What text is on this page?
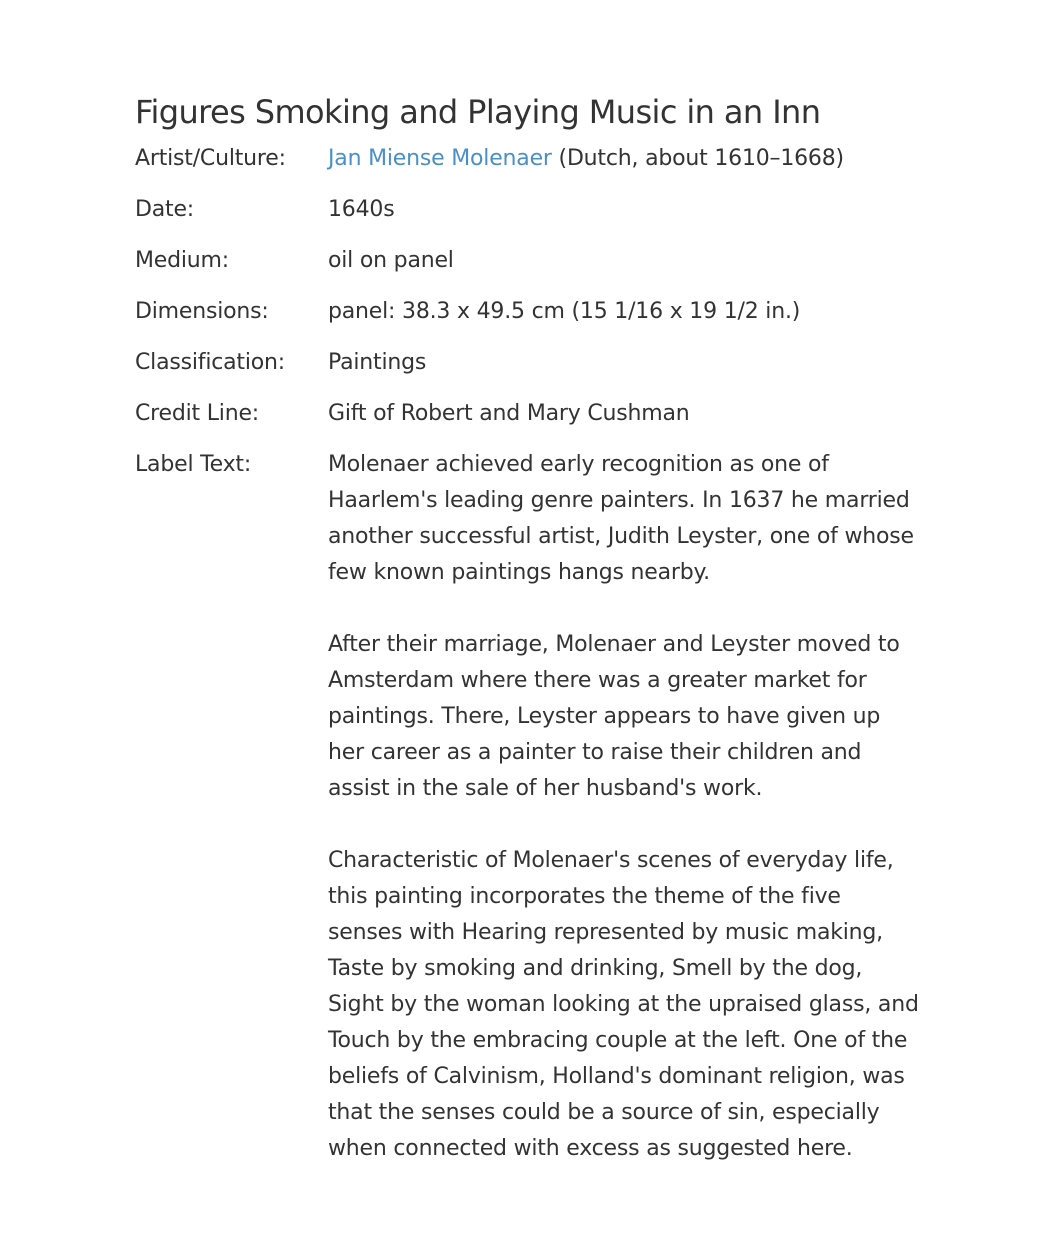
Figures Smoking and Playing Music in an Inn
Artist/Culture:	Jan Miense Molenaer (Dutch, about 1610–1668)
Date:	1640s
Medium:	oil on panel
Dimensions:	panel: 38.3 x 49.5 cm (15 1/16 x 19 1/2 in.)
Classification:	Paintings
Credit Line:	Gift of Robert and Mary Cushman
Label Text:	Molenaer achieved early recognition as one of
Haarlem's leading genre painters. In 1637 he married
another successful artist, Judith Leyster, one of whose
few known paintings hangs nearby.
After their marriage, Molenaer and Leyster moved to
Amsterdam where there was a greater market for
paintings. There, Leyster appears to have given up
her career as a painter to raise their children and
assist in the sale of her husband's work.
Characteristic of Molenaer's scenes of everyday life,
this painting incorporates the theme of the five
senses with Hearing represented by music making,
Taste by smoking and drinking, Smell by the dog,
Sight by the woman looking at the upraised glass, and
Touch by the embracing couple at the left. One of the
beliefs of Calvinism, Holland's dominant religion, was
that the senses could be a source of sin, especially
when connected with excess as suggested here.
